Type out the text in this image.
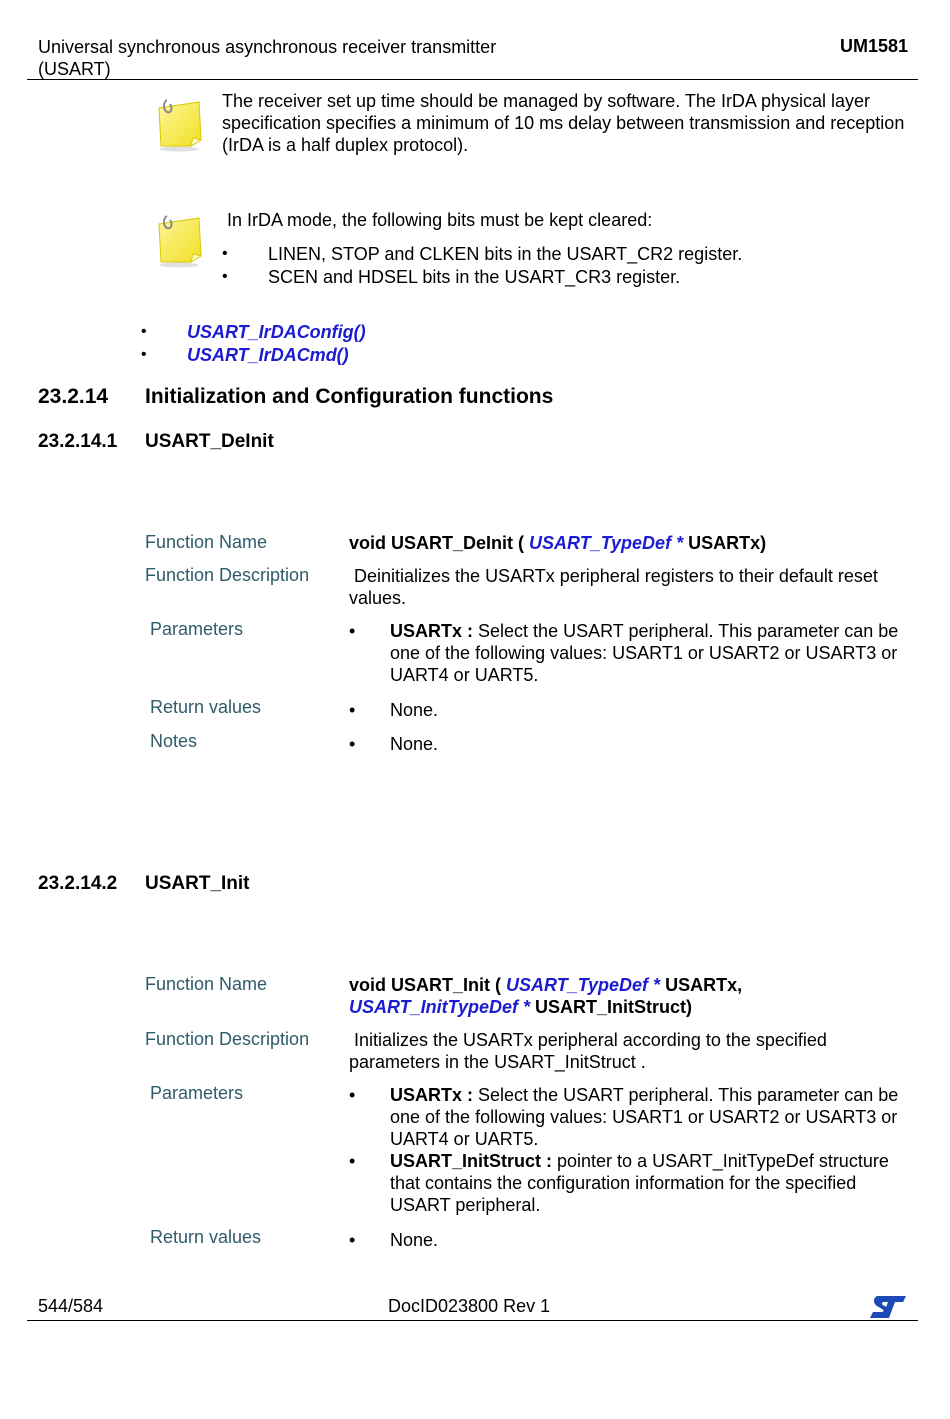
Universal synchronous asynchronous receiver transmitter (USART)
UM1581
The receiver set up time should be managed by software. The IrDA physical layer specification specifies a minimum of 10 ms delay between transmission and reception (IrDA is a half duplex protocol).
In IrDA mode, the following bits must be kept cleared:
• LINEN, STOP and CLKEN bits in the USART_CR2 register.
• SCEN and HDSEL bits in the USART_CR3 register.
• USART_IrDAConfig()
• USART_IrDACmd()
23.2.14 Initialization and Configuration functions
23.2.14.1 USART_DeInit
Function Name	void USART_DeInit ( USART_TypeDef * USARTx)
Function Description Deinitializes the USARTx peripheral registers to their default reset values.
Parameters	• USARTx : Select the USART peripheral. This parameter can be one of the following values: USART1 or USART2 or USART3 or UART4 or UART5.
Return values	• None.
Notes	• None.
23.2.14.2 USART_Init
Function Name	void USART_Init ( USART_TypeDef * USARTx,
USART_InitTypeDef * USART_InitStruct)
Function Description Initializes the USARTx peripheral according to the specified parameters in the USART_InitStruct .
Parameters	• USARTx : Select the USART peripheral. This parameter can be one of the following values: USART1 or USART2 or USART3 or UART4 or UART5.
• USART_InitStruct : pointer to a USART_InitTypeDef structure that contains the configuration information for the specified USART peripheral.
Return values	• None.
544/584	DocID023800 Rev 1
